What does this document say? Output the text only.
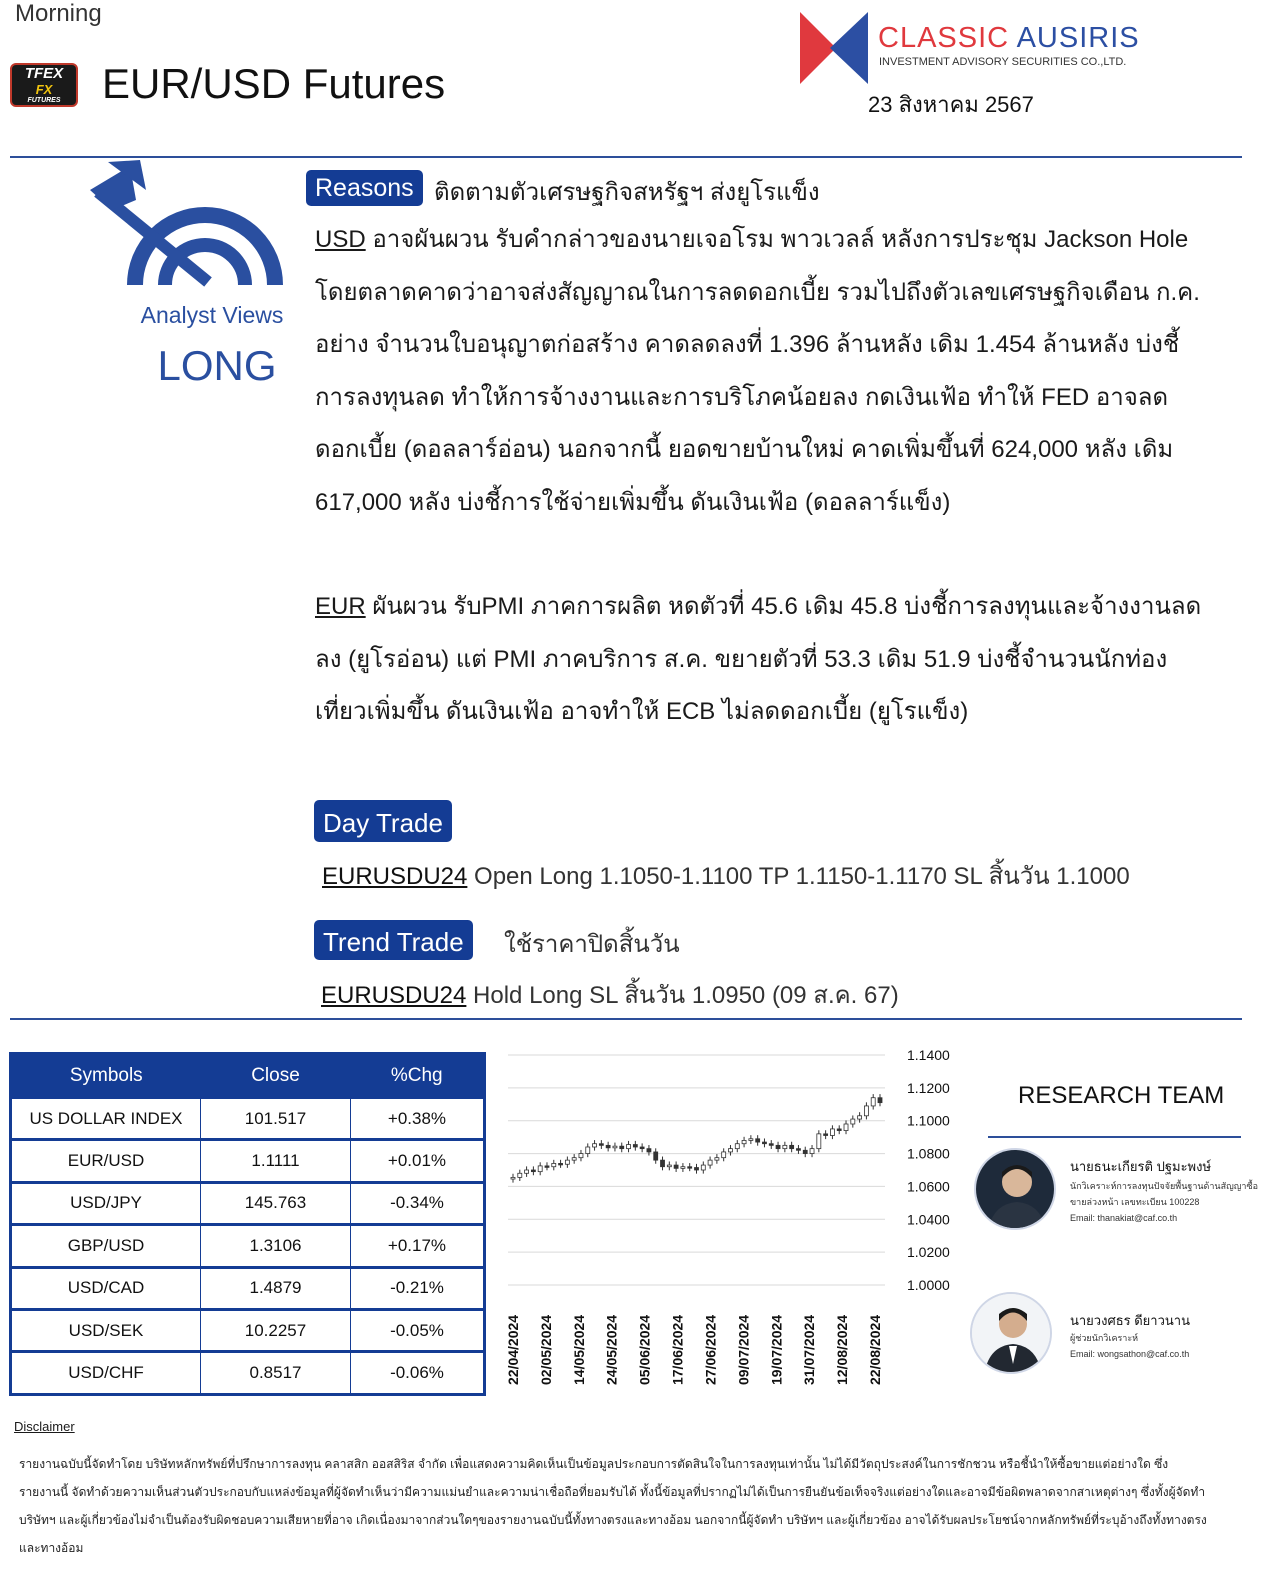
Morning
TFEX
FX
FUTURES EUR/USD Futures
CLASSIC AUSIRIS
INVESTMENT ADVISORY SECURITIES CO.,LTD.
23 สิงหาคม 2567
Analyst Views
LONG
Reasons ติดตามตัวเศรษฐกิจสหรัฐฯ ส่งยูโรแข็ง
USD อาจผันผวน รับคำกล่าวของนายเจอโรม พาวเวลล์ หลังการประชุม Jackson Hole โดยตลาดคาดว่าอาจส่งสัญญาณในการลดดอกเบี้ย รวมไปถึงตัวเลขเศรษฐกิจเดือน ก.ค. อย่าง จำนวนใบอนุญาตก่อสร้าง คาดลดลงที่ 1.396 ล้านหลัง เดิม 1.454 ล้านหลัง บ่งชี้การลงทุนลด ทำให้การจ้างงานและการบริโภคน้อยลง กดเงินเฟ้อ ทำให้ FED อาจลดดอกเบี้ย (ดอลลาร์อ่อน) นอกจากนี้ ยอดขายบ้านใหม่ คาดเพิ่มขึ้นที่ 624,000 หลัง เดิม 617,000 หลัง บ่งชี้การใช้จ่ายเพิ่มขึ้น ดันเงินเฟ้อ (ดอลลาร์แข็ง)
EUR ผันผวน รับPMI ภาคการผลิต หดตัวที่ 45.6 เดิม 45.8 บ่งชี้การลงทุนและจ้างงานลดลง (ยูโรอ่อน) แต่ PMI ภาคบริการ ส.ค. ขยายตัวที่ 53.3 เดิม 51.9 บ่งชี้จำนวนนักท่องเที่ยวเพิ่มขึ้น ดันเงินเฟ้อ อาจทำให้ ECB ไม่ลดดอกเบี้ย (ยูโรแข็ง)
Day Trade
EURUSDU24 Open Long 1.1050-1.1100 TP 1.1150-1.1170 SL สิ้นวัน 1.1000
Trend Trade	ใช้ราคาปิดสิ้นวัน
EURUSDU24 Hold Long SL สิ้นวัน 1.0950 (09 ส.ค. 67)
Symbols	Close	%Chg
US DOLLAR INDEX	101.517	+0.38%
EUR/USD	1.1111	+0.01%
USD/JPY	145.763	-0.34%
GBP/USD	1.3106	+0.17%
USD/CAD	1.4879	-0.21%
USD/SEK	10.2257	-0.05%
USD/CHF	0.8517	-0.06%
1.1400
1.1200
1.1000
1.0800
1.0600
1.0400
1.0200
1.0000
22/04/2024 02/05/2024 14/05/2024 24/05/2024 05/06/2024 17/06/2024 27/06/2024 09/07/2024 19/07/2024 31/07/2024 12/08/2024 22/08/2024
RESEARCH TEAM
นายธนะเกียรติ ปฐมะพงษ์
นักวิเคราะห์การลงทุนปัจจัยพื้นฐานด้านสัญญาซื้อขายล่วงหน้า เลขทะเบียน 100228
Email: thanakiat@caf.co.th
นายวงศธร ดียาวนาน
ผู้ช่วยนักวิเคราะห์
Email: wongsathon@caf.co.th
Disclaimer
รายงานฉบับนี้จัดทำโดย บริษัทหลักทรัพย์ที่ปรึกษาการลงทุน คลาสสิก ออสสิริส จำกัด เพื่อแสดงความคิดเห็นเป็นข้อมูลประกอบการตัดสินใจในการลงทุนเท่านั้น ไม่ได้มีวัตถุประสงค์ในการชักชวน หรือชี้นำให้ซื้อขายแต่อย่างใด ซึ่งรายงานนี้ จัดทำด้วยความเห็นส่วนตัวประกอบกับแหล่งข้อมูลที่ผู้จัดทำเห็นว่ามีความแม่นยำและความน่าเชื่อถือที่ยอมรับได้ ทั้งนี้ข้อมูลที่ปรากฏไม่ได้เป็นการยืนยันข้อเท็จจริงแต่อย่างใดและอาจมีข้อผิดพลาดจากสาเหตุต่างๆ ซึ่งทั้งผู้จัดทำ บริษัทฯ และผู้เกี่ยวข้องไม่จำเป็นต้องรับผิดชอบความเสียหายที่อาจ เกิดเนื่องมาจากส่วนใดๆของรายงานฉบับนี้ทั้งทางตรงและทางอ้อม นอกจากนี้ผู้จัดทำ บริษัทฯ และผู้เกี่ยวข้อง อาจได้รับผลประโยชน์จากหลักทรัพย์ที่ระบุอ้างถึงทั้งทางตรงและทางอ้อม
